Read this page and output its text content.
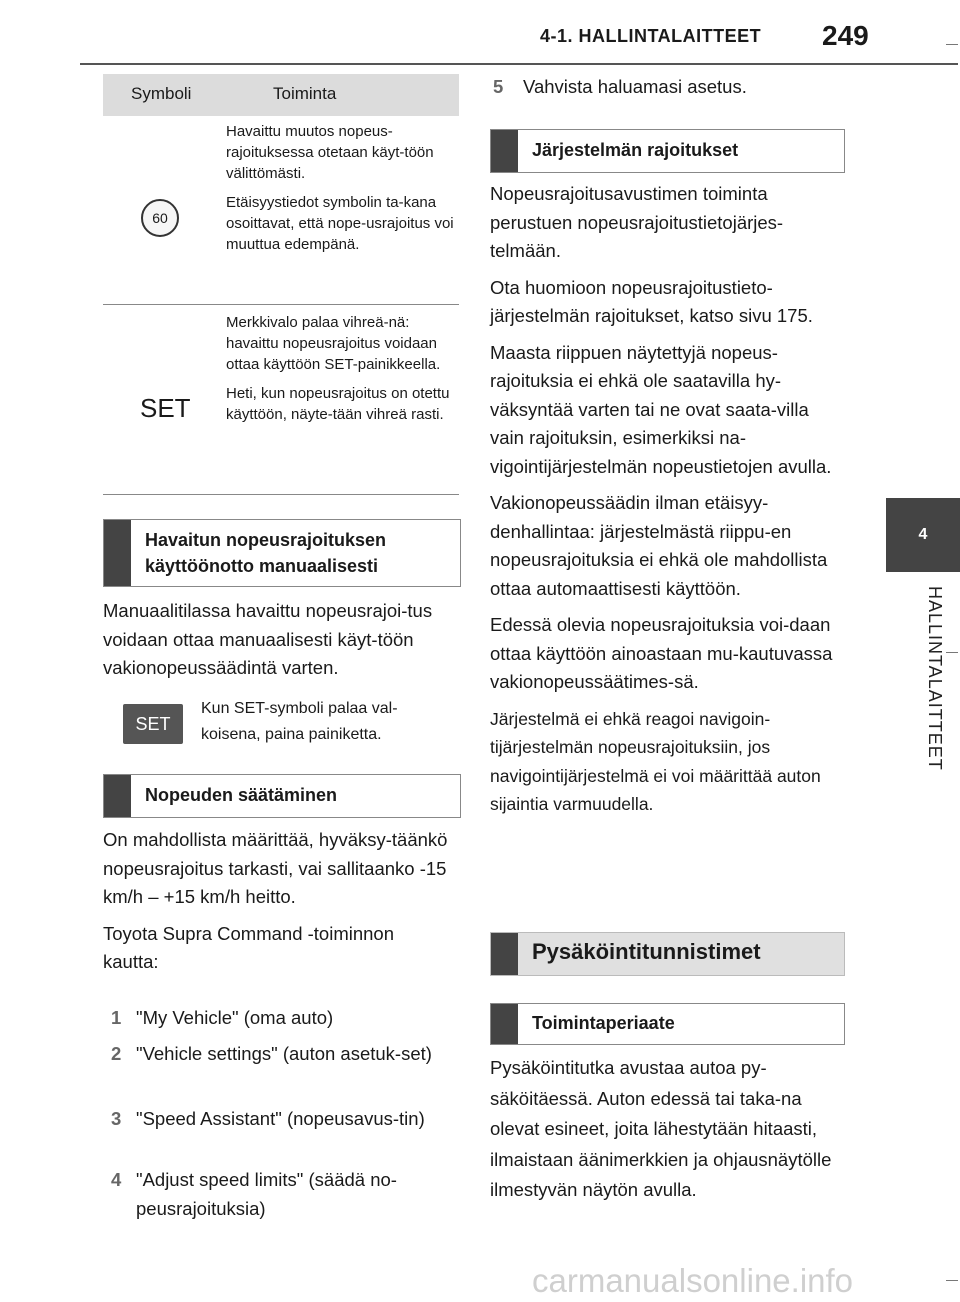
4-1. HALLINTALAITTEET 249
4
HALLINTALAITTEET
Symboli	Toiminta
60

Havaittu muutos nopeus-rajoituksessa otetaan käyt-töön välittömästi.

Etäisyystiedot symbolin ta-kana osoittavat, että nope-usrajoitus voi muuttua edempänä.

SET

Merkkivalo palaa vihreä-nä: havaittu nopeusrajoitus voidaan ottaa käyttöön SET-painikkeella.

Heti, kun nopeusrajoitus on otettu käyttöön, näyte-tään vihreä rasti.

Havaitun nopeusrajoituksen käyttöönotto manuaalisesti

Manuaalitilassa havaittu nopeusrajoi-tus voidaan ottaa manuaalisesti käyt-töön vakionopeussäädintä varten.

SET
Kun SET-symboli palaa val-koisena, paina painiketta.
Nopeuden säätäminen

On mahdollista määrittää, hyväksy-täänkö nopeusrajoitus tarkasti, vai sallitaanko -15 km/h – +15 km/h heitto.

Toyota Supra Command -toiminnon kautta:

1 "My Vehicle" (oma auto)
2 "Vehicle settings" (auton asetuk-set)
3 "Speed Assistant" (nopeusavus-tin)
4 "Adjust speed limits" (säädä no-peusrajoituksia)
5 Vahvista haluamasi asetus.
Järjestelmän rajoitukset

Nopeusrajoitusavustimen toiminta perustuen nopeusrajoitustietojärjes-telmään.

Ota huomioon nopeusrajoitustieto-järjestelmän rajoitukset, katso sivu 175.

Maasta riippuen näytettyjä nopeus-rajoituksia ei ehkä ole saatavilla hy-väksyntää varten tai ne ovat saata-villa vain rajoituksin, esimerkiksi na-vigointijärjestelmän nopeustietojen avulla.

Vakionopeussäädin ilman etäisyy-denhallintaa: järjestelmästä riippu-en nopeusrajoituksia ei ehkä ole mahdollista ottaa automaattisesti käyttöön.

Edessä olevia nopeusrajoituksia voi-daan ottaa käyttöön ainoastaan mu-kautuvassa vakionopeussäätimes-sä.

Järjestelmä ei ehkä reagoi navigoin-tijärjestelmän nopeusrajoituksiin, jos navigointijärjestelmä ei voi määrittää auton sijaintia varmuudella.

Pysäköintitunnistimet
Toimintaperiaate

Pysäköintitutka avustaa autoa py-säköitäessä. Auton edessä tai taka-na olevat esineet, joita lähestytään hitaasti, ilmaistaan äänimerkkien ja ohjausnäytölle ilmestyvän näytön avulla.

carmanualsonline.info
